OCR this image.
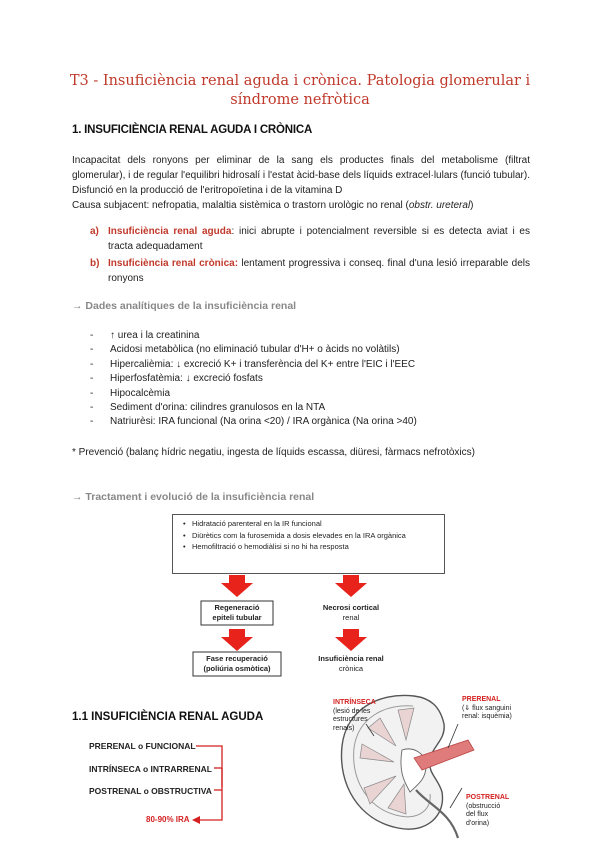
T3 - Insuficiència renal aguda i crònica. Patologia glomerular i
síndrome nefròtica
1. INSUFICIÈNCIA RENAL AGUDA I CRÒNICA
Incapacitat dels ronyons per eliminar de la sang els productes finals del metabolisme (filtrat glomerular), i de regular l'equilibri hidrosalí i l'estat àcid-base dels líquids extracel·lulars (funció tubular). Disfunció en la producció de l'eritropoïetina i de la vitamina D
Causa subjacent: nefropatia, malaltia sistèmica o trastorn urològic no renal (obstr. ureteral)
a) Insuficiència renal aguda: inici abrupte i potencialment reversible si es detecta aviat i es tracta adequadament
b) Insuficiència renal crònica: lentament progressiva i conseq. final d'una lesió irreparable dels ronyons
→ Dades analítiques de la insuficiència renal
- ↑ urea i la creatinina
- Acidosi metabòlica (no eliminació tubular d'H+ o àcids no volàtils)
- Hipercalièmia: ↓ excreció K+ i transferència del K+ entre l'EIC i l'EEC
- Hiperfosfatèmia: ↓ excreció fosfats
- Hipocalcèmia
- Sediment d'orina: cilindres granulosos en la NTA
- Natriurèsi: IRA funcional (Na orina <20) / IRA orgànica (Na orina >40)
* Prevenció (balanç hídric negatiu, ingesta de líquids escassa, diüresi, fàrmacs nefrotòxics)
→ Tractament i evolució de la insuficiència renal
• Hidratació parenteral en la IR funcional
• Diürètics com la furosemida a dosis elevades en la IRA orgànica
• Hemofiltració o hemodiàlisi si no hi ha resposta
Regeneració
epiteli tubular
Fase recuperació
(poliúria osmòtica)
Necrosi cortical
renal
Insuficiència renal
crònica
1.1 INSUFICIÈNCIA RENAL AGUDA
PRERENAL o FUNCIONAL
INTRÍNSECA o INTRARRENAL
POSTRENAL o OBSTRUCTIVA
80-90% IRA
INTRÍNSECA
(lesió de les
estructures
renals)
PRERENAL
(⇓ flux sanguini
renal: isquèmia)
POSTRENAL
(obstrucció
del flux
d'orina)
